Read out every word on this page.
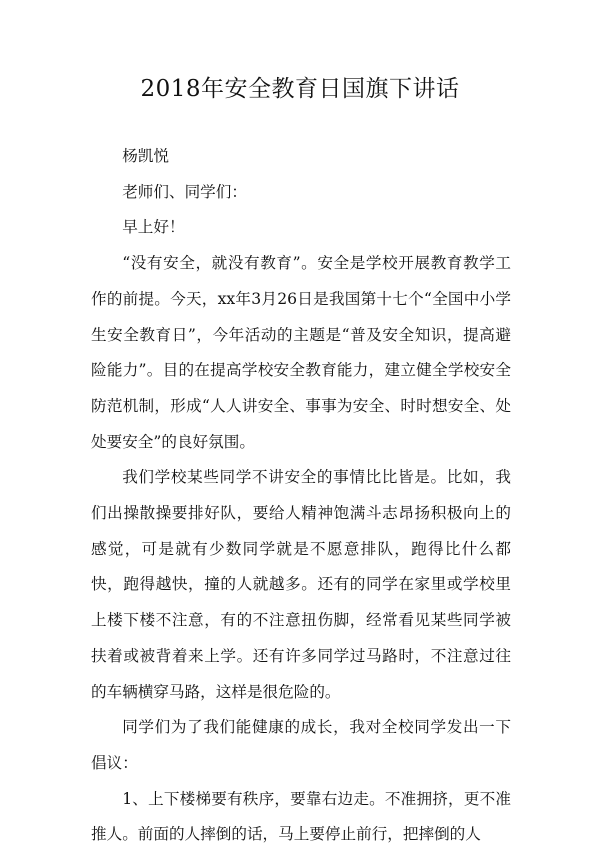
2018年安全教育日国旗下讲话

杨凯悦

老师们、同学们：

早上好！

“没有安全，就没有教育”。安全是学校开展教育教学工作的前提。今天，xx年3月26日是我国第十七个“全国中小学生安全教育日”，今年活动的主题是“普及安全知识，提高避险能力”。目的在提高学校安全教育能力，建立健全学校安全防范机制，形成“人人讲安全、事事为安全、时时想安全、处处要安全”的良好氛围。

我们学校某些同学不讲安全的事情比比皆是。比如，我们出操散操要排好队，要给人精神饱满斗志昂扬积极向上的感觉，可是就有少数同学就是不愿意排队，跑得比什么都快，跑得越快，撞的人就越多。还有的同学在家里或学校里上楼下楼不注意，有的不注意扭伤脚，经常看见某些同学被扶着或被背着来上学。还有许多同学过马路时，不注意过往的车辆横穿马路，这样是很危险的。

同学们为了我们能健康的成长，我对全校同学发出一下倡议：

1、上下楼梯要有秩序，要靠右边走。不准拥挤，更不准推人。前面的人摔倒的话，马上要停止前行，把摔倒的人
